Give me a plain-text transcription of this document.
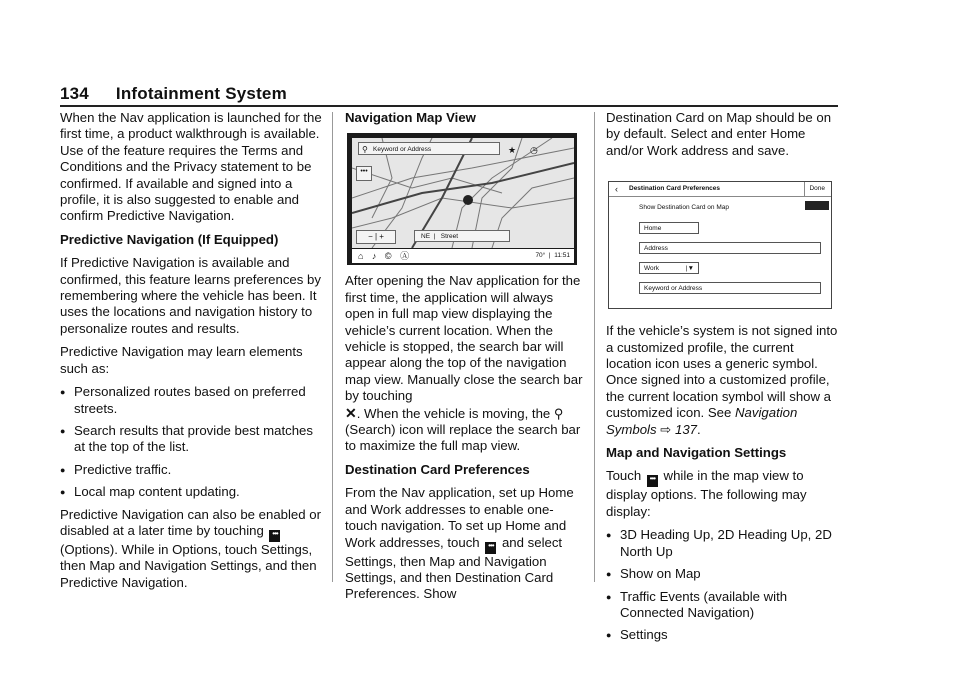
134 Infotainment System

When the Nav application is launched for the first time, a product walkthrough is available. Use of the feature requires the Terms and Conditions and the Privacy statement to be confirmed. If available and signed into a profile, it is also suggested to enable and confirm Predictive Navigation.

Predictive Navigation (If Equipped)

If Predictive Navigation is available and confirmed, this feature learns preferences by remembering where the vehicle has been. It uses the locations and navigation history to personalize routes and results.

Predictive Navigation may learn elements such as:

● Personalized routes based on preferred streets.
● Search results that provide best matches at the top of the list.
● Predictive traffic.
● Local map content updating.

Predictive Navigation can also be enabled or disabled at a later time by touching ••• (Options). While in Options, touch Settings, then Map and Navigation Settings, and then Predictive Navigation.

Navigation Map View

⚲ Keyword or Address	★ ◷
•••
− | +	NE  |   Street
⌂ ♪ © Ⓐ	70°  |  11:51

After opening the Nav application for the first time, the application will always open in full map view displaying the vehicle’s current location. When the vehicle is stopped, the search bar will appear along the top of the navigation map view. Manually close the search bar by touching
✕. When the vehicle is moving, the ⚲ (Search) icon will replace the search bar to maximize the full map view.

Destination Card Preferences

From the Nav application, set up Home and Work addresses to enable one-touch navigation. To set up Home and Work addresses, touch ••• and select Settings, then Map and Navigation Settings, and then Destination Card Preferences. Show

Destination Card on Map should be on by default. Select and enter Home and/or Work address and save.

‹ Destination Card Preferences	Done
Show Destination Card on Map
Home
Address
Work	|▼
Keyword or Address

If the vehicle’s system is not signed into a customized profile, the current location icon uses a generic symbol. Once signed into a customized profile, the current location symbol will show a customized icon. See Navigation Symbols ⇨ 137.

Map and Navigation Settings

Touch ••• while in the map view to display options. The following may display:

● 3D Heading Up, 2D Heading Up, 2D North Up
● Show on Map
● Traffic Events (available with Connected Navigation)
● Settings
